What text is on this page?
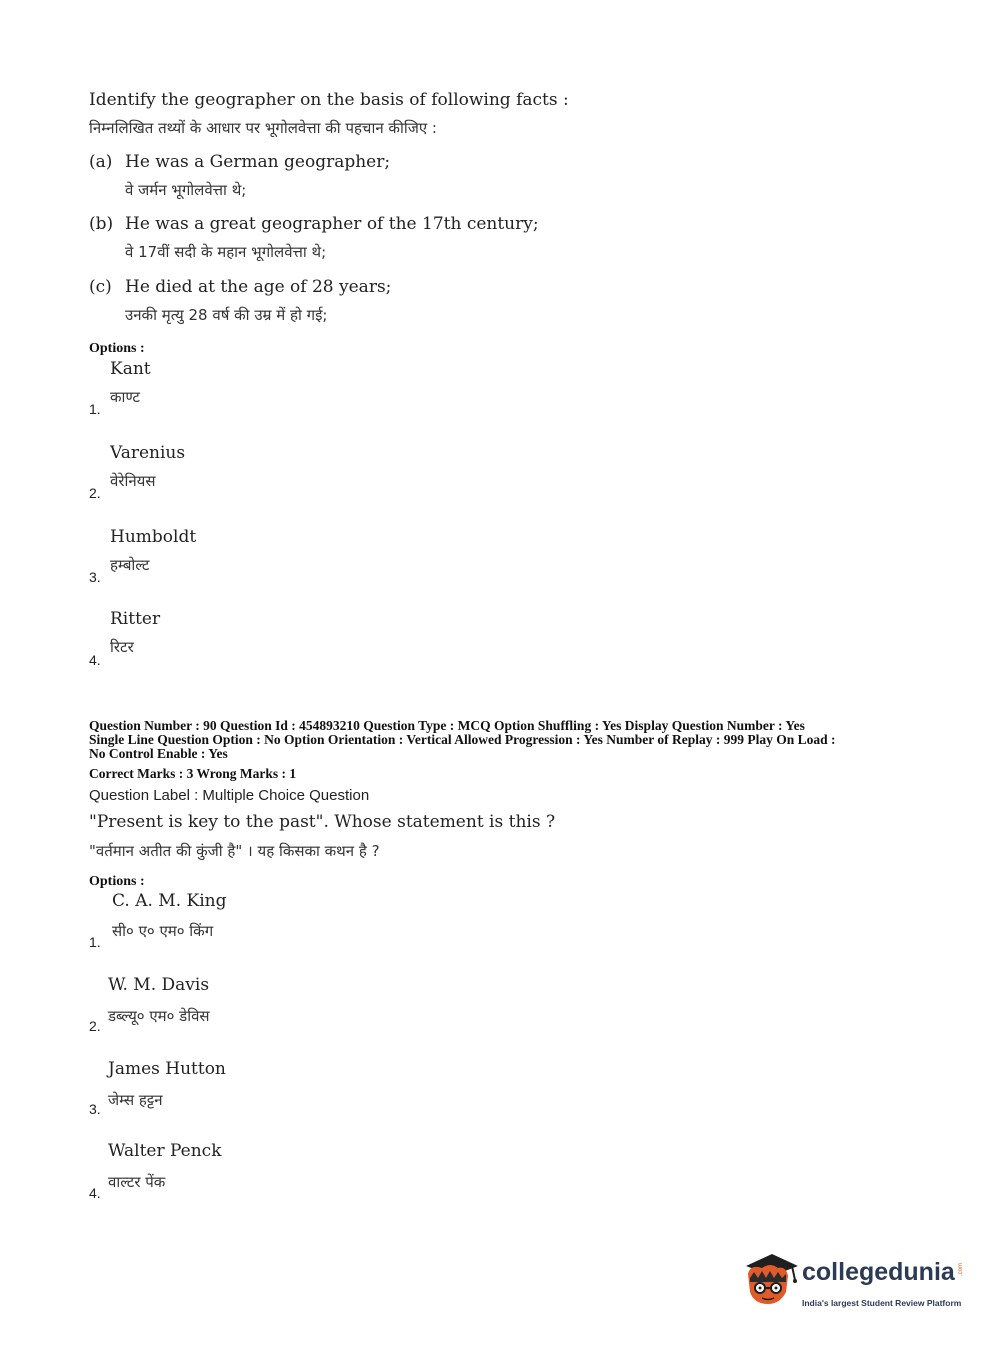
Identify the geographer on the basis of following facts :
निम्नलिखित तथ्यों के आधार पर भूगोलवेत्ता की पहचान कीजिए :
(a) He was a German geographer;
वे जर्मन भूगोलवेत्ता थे;
(b) He was a great geographer of the 17th century;
वे 17वीं सदी के महान भूगोलवेत्ता थे;
(c) He died at the age of 28 years;
उनकी मृत्यु 28 वर्ष की उम्र में हो गई;
Options :
Kant
काण्ट
1.
Varenius
वेरेनियस
2.
Humboldt
हम्बोल्ट
3.
Ritter
रिटर
4.
Question Number : 90 Question Id : 454893210 Question Type : MCQ Option Shuffling : Yes Display Question Number : Yes
Single Line Question Option : No Option Orientation : Vertical Allowed Progression : Yes Number of Replay : 999 Play On Load :
No Control Enable : Yes
Correct Marks : 3 Wrong Marks : 1
Question Label : Multiple Choice Question
"Present is key to the past". Whose statement is this ?
"वर्तमान अतीत की कुंजी है" । यह किसका कथन है ?
Options :
C. A. M. King
सी० ए० एम० किंग
1.
W. M. Davis
डब्ल्यू० एम० डेविस
2.
James Hutton
जेम्स हट्टन
3.
Walter Penck
वाल्टर पेंक
4.
collegedunia .com
India's largest Student Review Platform
